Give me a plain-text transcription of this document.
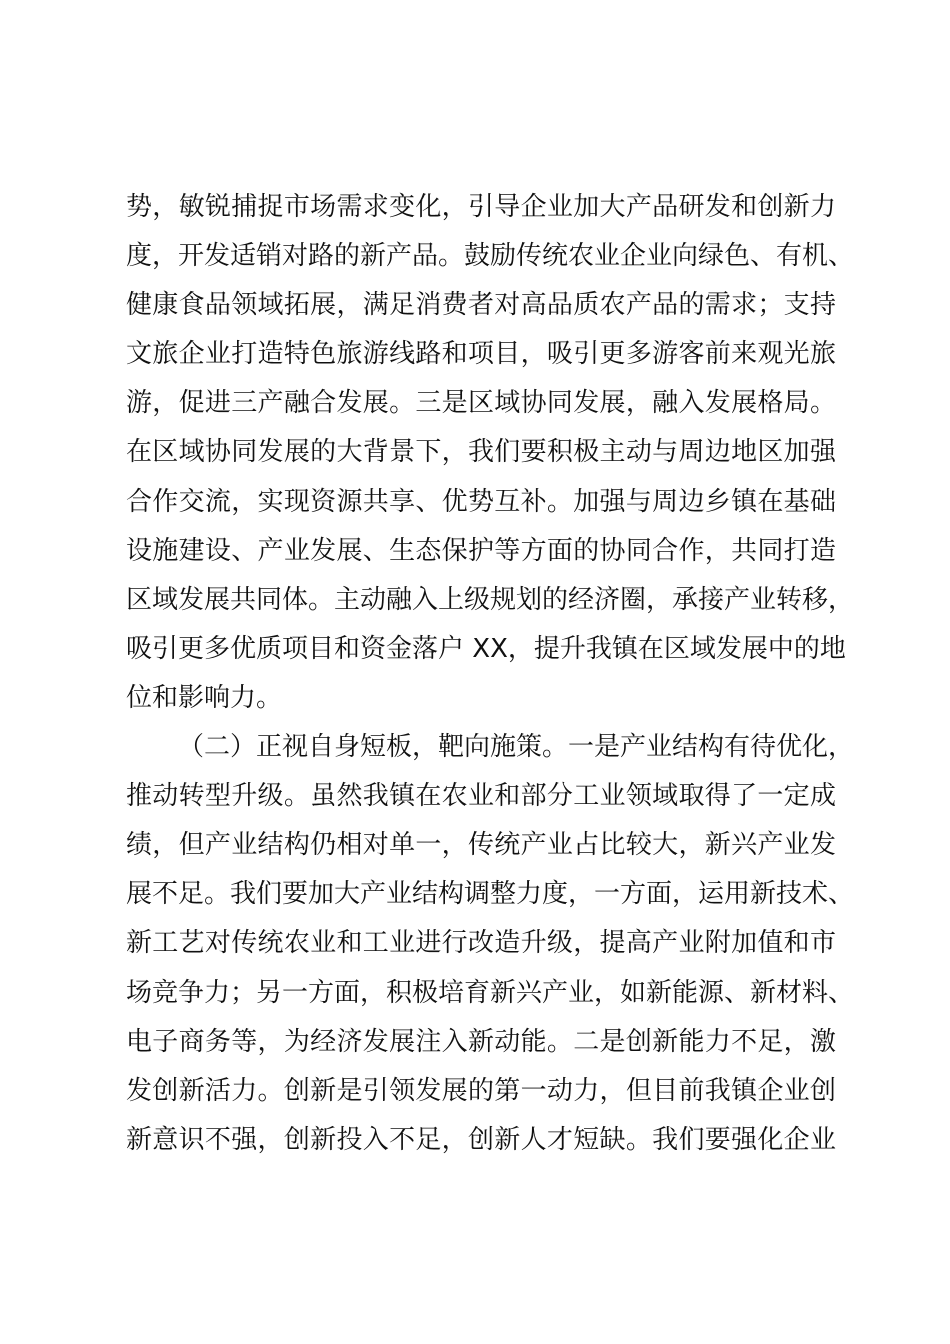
势，敏锐捕捉市场需求变化，引导企业加大产品研发和创新力
度，开发适销对路的新产品。鼓励传统农业企业向绿色、有机、
健康食品领域拓展，满足消费者对高品质农产品的需求；支持
文旅企业打造特色旅游线路和项目，吸引更多游客前来观光旅
游，促进三产融合发展。三是区域协同发展，融入发展格局。
在区域协同发展的大背景下，我们要积极主动与周边地区加强
合作交流，实现资源共享、优势互补。加强与周边乡镇在基础
设施建设、产业发展、生态保护等方面的协同合作，共同打造
区域发展共同体。主动融入上级规划的经济圈，承接产业转移，
吸引更多优质项目和资金落户 XX，提升我镇在区域发展中的地
位和影响力。
（二）正视自身短板，靶向施策。一是产业结构有待优化，
推动转型升级。虽然我镇在农业和部分工业领域取得了一定成
绩，但产业结构仍相对单一，传统产业占比较大，新兴产业发
展不足。我们要加大产业结构调整力度，一方面，运用新技术、
新工艺对传统农业和工业进行改造升级，提高产业附加值和市
场竞争力；另一方面，积极培育新兴产业，如新能源、新材料、
电子商务等，为经济发展注入新动能。二是创新能力不足，激
发创新活力。创新是引领发展的第一动力，但目前我镇企业创
新意识不强，创新投入不足，创新人才短缺。我们要强化企业
